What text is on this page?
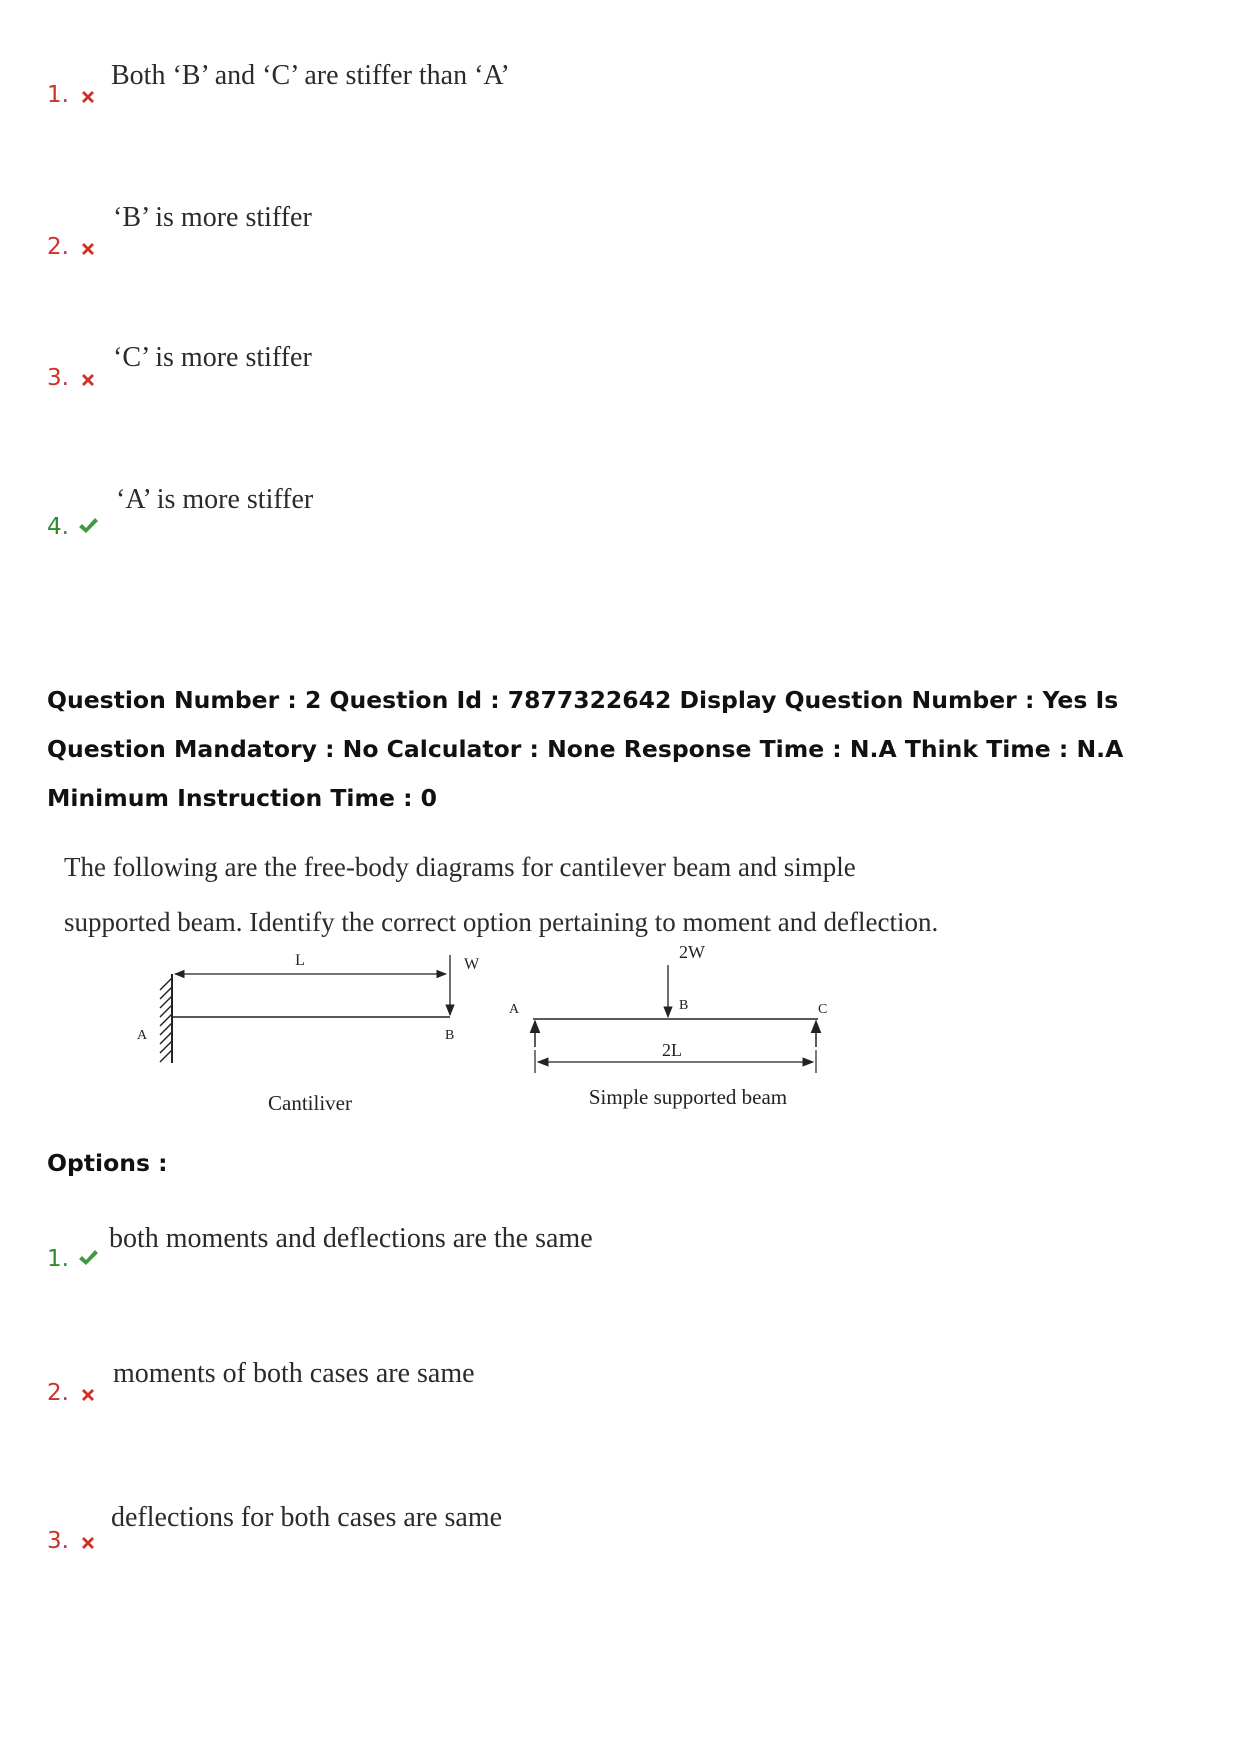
1.
Both ‘B’ and ‘C’ are stiffer than ‘A’
2.
‘B’ is more stiffer
3.
‘C’ is more stiffer
4.
‘A’ is more stiffer
Question Number : 2 Question Id : 7877322642 Display Question Number : Yes Is Question Mandatory : No Calculator : None Response Time : N.A Think Time : N.A Minimum Instruction Time : 0
The following are the free-body diagrams for cantilever beam and simple supported beam. Identify the correct option pertaining to moment and deflection.
L	W
A	B
Cantiliver
2W
A	B	C
2L
Simple supported beam
Options :
1.
both moments and deflections are the same
2.
moments of both cases are same
3.
deflections for both cases are same
